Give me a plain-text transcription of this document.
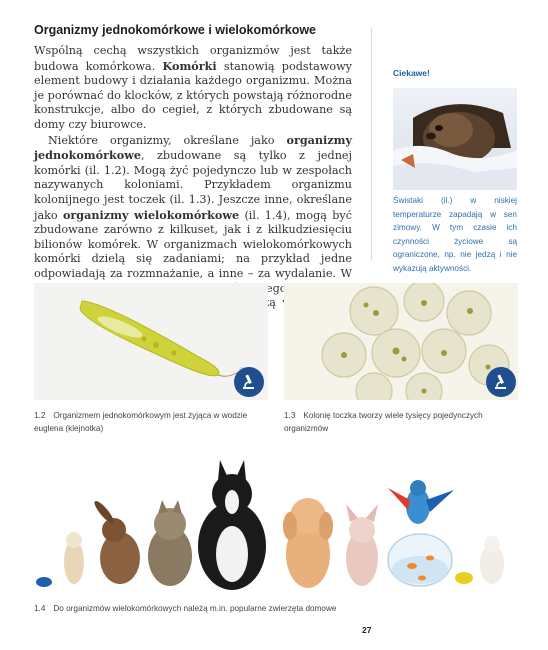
Organizmy jednokomórkowe i wielokomórkowe

Wspólną cechą wszystkich organizmów jest także budowa komórkowa. Komórki stanowią podstawowy element budowy i działania każdego organizmu. Można je porównać do klocków, z których powstają różnorodne konstrukcje, albo do cegieł, z których zbudowane są domy czy biurowce.

Niektóre organizmy, określane jako organizmy jednokomórkowe, zbudowane są tylko z jednej komórki (il. 1.2). Mogą żyć pojedynczo lub w zespołach nazywanych koloniami. Przykładem organizmu kolonijnego jest toczek (il. 1.3). Jeszcze inne, określane jako organizmy wielokomórkowe (il. 1.4), mogą być zbudowane zarówno z kilkuset, jak i z kilkudziesięciu bilionów komórek. W organizmach wielokomórkowych komórki dzielą się zadaniami; na przykład jedne odpowiadają za rozmnażanie, a inne – za wydalanie. W

Ciekawe!
Świstaki (il.) w niskiej temperaturze zapadają w sen zimowy. W tym czasie ich czynności życiowe są ograniczone, np. nie jedzą i nie wykazują aktywności.
1.2 Organizmem jednokomórkowym jest żyjąca w wodzie euglena (klejnotka)
1.3 Kolonię toczka tworzy wiele tysięcy pojedynczych organizmów
1.4 Do organizmów wielokomórkowych należą m.in. popularne zwierzęta domowe
27
